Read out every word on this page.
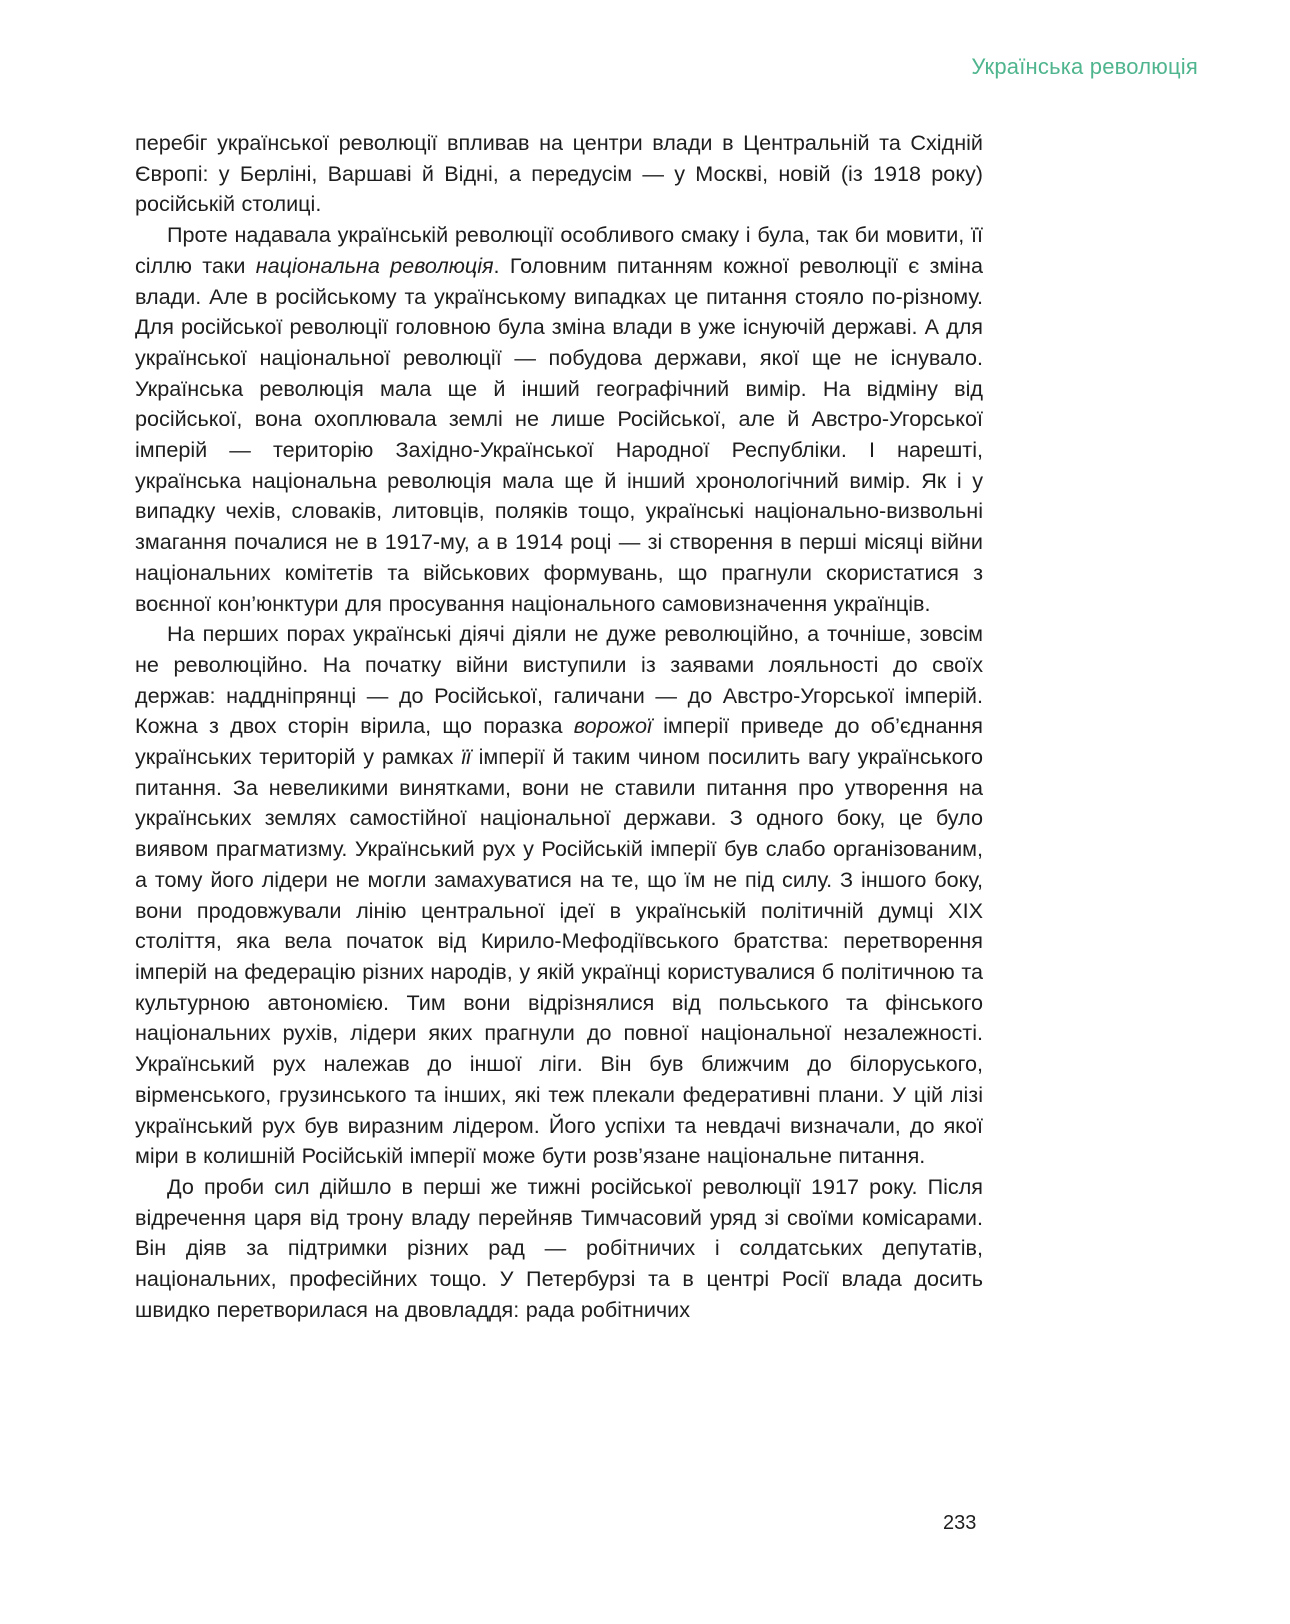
Українська революція

перебіг української революції впливав на центри влади в Центральній та Східній Європі: у Берліні, Варшаві й Відні, а передусім — у Москві, новій (із 1918 року) російській столиці.

Проте надавала українській революції особливого смаку і була, так би мовити, її сіллю таки національна революція. Головним питанням кожної революції є зміна влади. Але в російському та українському випадках це питання стояло по-різному. Для російської революції головною була зміна влади в уже існуючій державі. А для української національної революції — побудова держави, якої ще не існувало. Українська революція мала ще й інший географічний вимір. На відміну від російської, вона охоплювала землі не лише Російської, але й Австро-Угорської імперій — територію Західно-Української Народної Республіки. І нарешті, українська національна революція мала ще й інший хронологічний вимір. Як і у випадку чехів, словаків, литовців, поляків тощо, українські національно-визвольні змагання почалися не в 1917-му, а в 1914 році — зі створення в перші місяці війни національних комітетів та військових формувань, що прагнули скористатися з воєнної кон’юнктури для просування національного самовизначення українців.

На перших порах українські діячі діяли не дуже революційно, а точніше, зовсім не революційно. На початку війни виступили із заявами лояльності до своїх держав: наддніпрянці — до Російської, галичани — до Австро-Угорської імперій. Кожна з двох сторін вірила, що поразка ворожої імперії приведе до об’єднання українських територій у рамках її імперії й таким чином посилить вагу українського питання. За невеликими винятками, вони не ставили питання про утворення на українських землях самостійної національної держави. З одного боку, це було виявом прагматизму. Український рух у Російській імперії був слабо організованим, а тому його лідери не могли замахуватися на те, що їм не під силу. З іншого боку, вони продовжували лінію центральної ідеї в українській політичній думці XIX століття, яка вела початок від Кирило-Мефодіївського братства: перетворення імперій на федерацію різних народів, у якій українці користувалися б політичною та культурною автономією. Тим вони відрізнялися від польського та фінського національних рухів, лідери яких прагнули до повної національної незалежності. Український рух належав до іншої ліги. Він був ближчим до білоруського, вірменського, грузинського та інших, які теж плекали федеративні плани. У цій лізі український рух був виразним лідером. Його успіхи та невдачі визначали, до якої міри в колишній Російській імперії може бути розв’язане національне питання.

До проби сил дійшло в перші же тижні російської революції 1917 року. Після відречення царя від трону владу перейняв Тимчасовий уряд зі своїми комісарами. Він діяв за підтримки різних рад — робітничих і солдатських депутатів, національних, професійних тощо. У Петербурзі та в центрі Росії влада досить швидко перетворилася на двовладдя: рада робітничих

233
